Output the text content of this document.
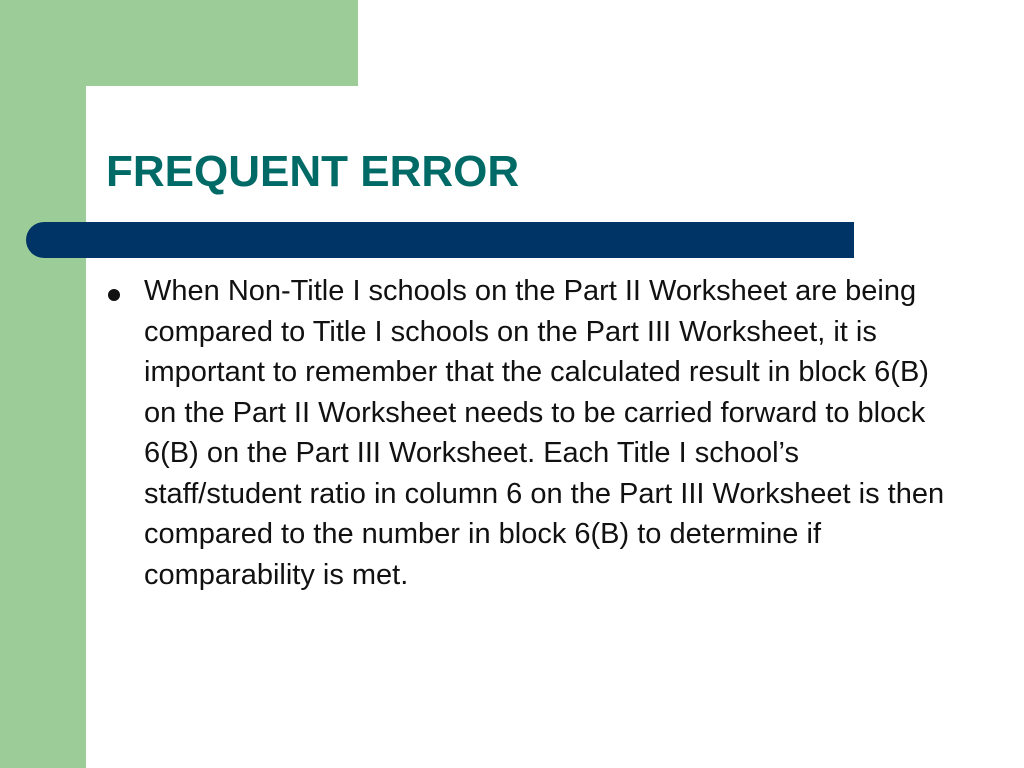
FREQUENT ERROR
When Non-Title I schools on the Part II Worksheet are being compared to Title I schools on the Part III Worksheet, it is important to remember that the calculated result in block 6(B) on the Part II Worksheet needs to be carried forward to block 6(B) on the Part III Worksheet. Each Title I school’s staff/student ratio in column 6 on the Part III Worksheet is then compared to the number in block 6(B) to determine if comparability is met.
